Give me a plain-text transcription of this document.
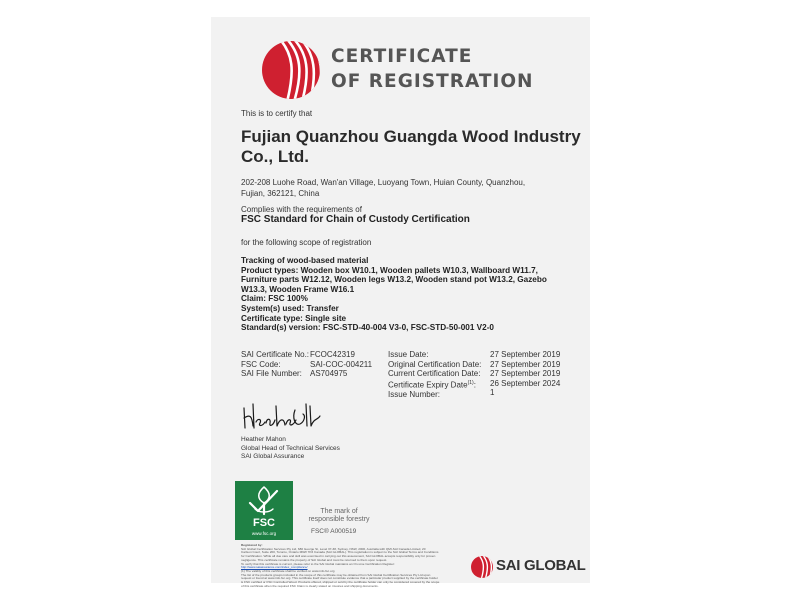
CERTIFICATE
OF REGISTRATION
This is to certify that
Fujian Quanzhou Guangda Wood Industry
Co., Ltd.
202-208 Luohe Road, Wan'an Village, Luoyang Town, Huian County, Quanzhou,
Fujian, 362121, China
Complies with the requirements of
FSC Standard for Chain of Custody Certification
for the following scope of registration
Tracking of wood-based material
Product types: Wooden box W10.1, Wooden pallets W10.3, Wallboard W11.7,
Furniture parts W12.12, Wooden legs W13.2, Wooden stand pot W13.2, Gazebo
W13.3, Wooden Frame W16.1
Claim: FSC 100%
System(s) used: Transfer
Certificate type: Single site
Standard(s) version: FSC-STD-40-004 V3-0, FSC-STD-50-001 V2-0
SAI Certificate No.:
FSC Code:
SAI File Number:
FCOC42319
SAI-COC-004211
AS704975
Issue Date:
Original Certification Date:
Current Certification Date:
Certificate Expiry Date$^{(1)}$:
Issue Number:
27 September 2019
27 September 2019
27 September 2019
26 September 2024
1
Heather Mahon
Global Head of Technical Services
SAI Global Assurance
FSC
www.fsc.org
The mark of
responsible forestry
FSC® A000519
Registered by:
SAI Global Certification Services Pty Ltd, 680 George St, Level 37-38, Sydney, NSW, 2000, Australia with QMI-SAI Canada Limited, 20
Carlson Court, Suite 200, Toronto, Ontario M9W 7K6 Canada (SAI GLOBAL). This registration is subject to the SAI Global Terms and Conditions
for Certification. While all due care and skill was exercised in carrying out this assessment, SAI GLOBAL accepts responsibility only for proven
negligence. This certificate remains the property of SAI Global and must be returned to them upon request.
To verify that this certificate is current, please refer to the SAI Global maintains an On-Line Certification Register:
http://www.saiassurance.com/index_compliance/
(1) The validity of this certificate shall be verified on www.info.fsc.org
The list of the products groups included in the scope of this certificate may be obtained from SAI Global Certification Services Pty Ltd upon
request or found at www.info.fsc.org. This certificate itself does not constitute evidence that a particular product supplied by the certificate holder
is FSC certified or FSC Controlled Wood. Products offered, shipped or sold by the certificate holder can only be considered covered by the scope
of this certificate when the required FSC Claim is clearly stated on invoices and shipping documents.
SAI GLOBAL
